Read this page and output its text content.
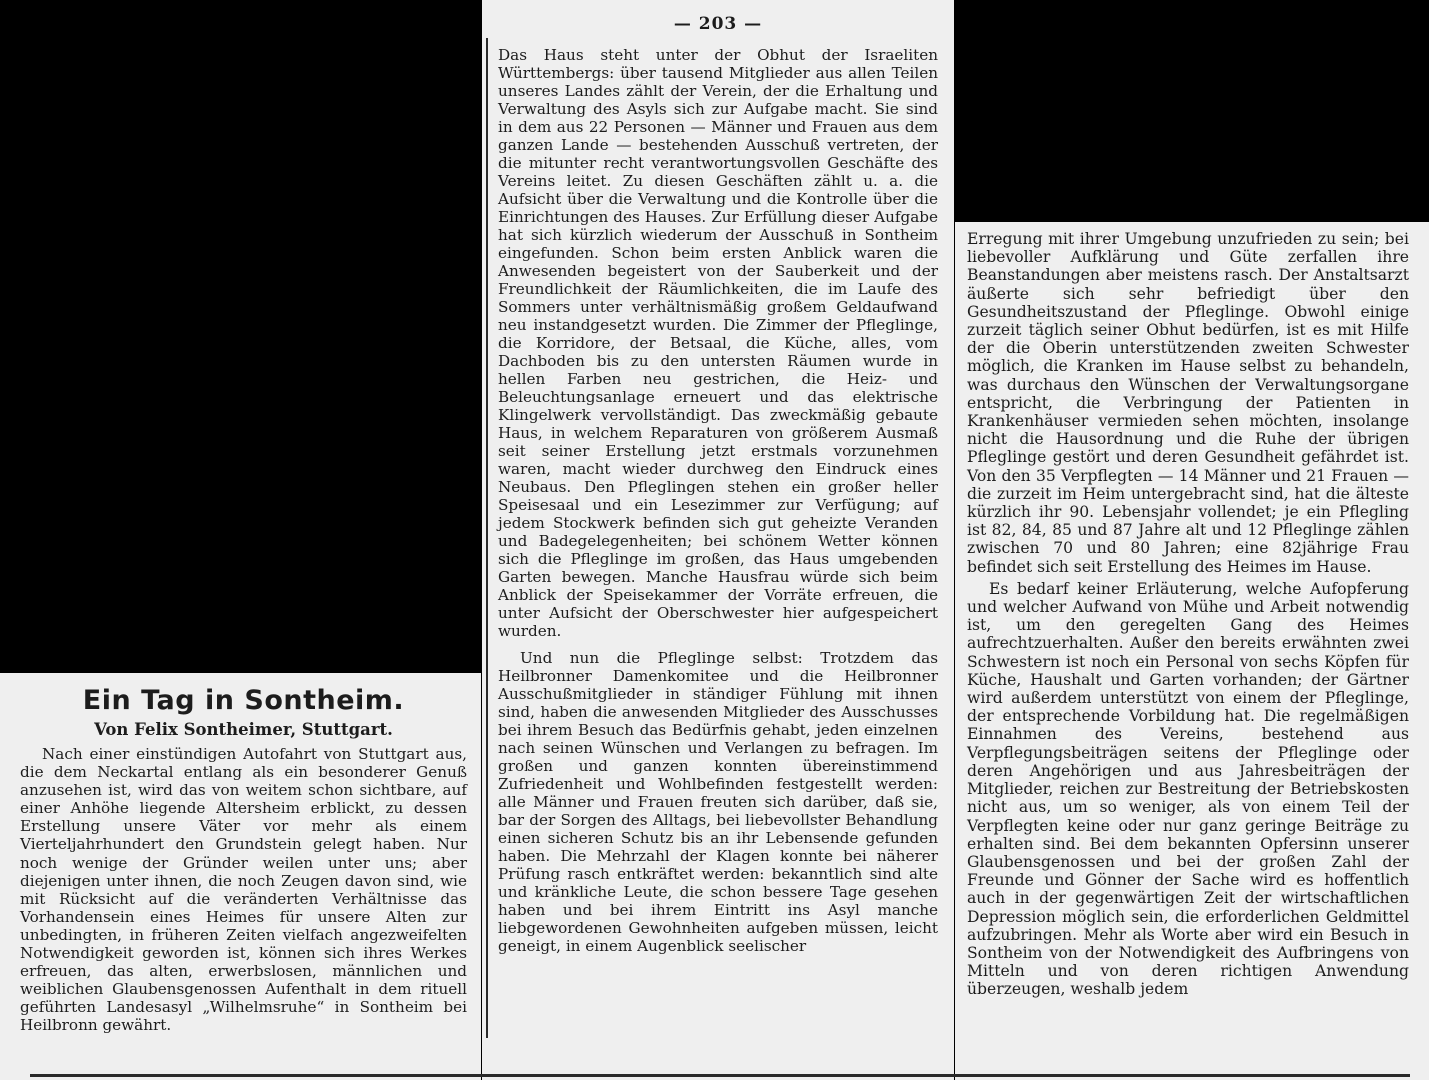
Ein Tag in Sontheim.
Von Felix Sontheimer, Stuttgart.

Nach einer einstündigen Autofahrt von Stuttgart aus, die dem Neckartal entlang als ein besonderer Genuß anzusehen ist, wird das von weitem schon sichtbare, auf einer Anhöhe liegende Altersheim erblickt, zu dessen Erstellung unsere Väter vor mehr als einem Vierteljahrhundert den Grundstein gelegt haben. Nur noch wenige der Gründer weilen unter uns; aber diejenigen unter ihnen, die noch Zeugen davon sind, wie mit Rücksicht auf die veränderten Verhältnisse das Vorhandensein eines Heimes für unsere Alten zur unbedingten, in früheren Zeiten vielfach angezweifelten Notwendigkeit geworden ist, können sich ihres Werkes erfreuen, das alten, erwerbslosen, männlichen und weiblichen Glaubensgenossen Aufenthalt in dem rituell geführten Landesasyl „Wilhelmsruhe“ in Sontheim bei Heilbronn gewährt.

— 203 —

Das Haus steht unter der Obhut der Israeliten Württembergs: über tausend Mitglieder aus allen Teilen unseres Landes zählt der Verein, der die Erhaltung und Verwaltung des Asyls sich zur Aufgabe macht. Sie sind in dem aus 22 Personen — Männer und Frauen aus dem ganzen Lande — bestehenden Ausschuß vertreten, der die mitunter recht verantwortungsvollen Geschäfte des Vereins leitet. Zu diesen Geschäften zählt u. a. die Aufsicht über die Verwaltung und die Kontrolle über die Einrichtungen des Hauses. Zur Erfüllung dieser Aufgabe hat sich kürzlich wiederum der Ausschuß in Sontheim eingefunden. Schon beim ersten Anblick waren die Anwesenden begeistert von der Sauberkeit und der Freundlichkeit der Räumlichkeiten, die im Laufe des Sommers unter verhältnismäßig großem Geldaufwand neu instandgesetzt wurden. Die Zimmer der Pfleglinge, die Korridore, der Betsaal, die Küche, alles, vom Dachboden bis zu den untersten Räumen wurde in hellen Farben neu gestrichen, die Heiz- und Beleuchtungsanlage erneuert und das elektrische Klingelwerk vervollständigt. Das zweckmäßig gebaute Haus, in welchem Reparaturen von größerem Ausmaß seit seiner Erstellung jetzt erstmals vorzunehmen waren, macht wieder durchweg den Eindruck eines Neubaus. Den Pfleglingen stehen ein großer heller Speisesaal und ein Lesezimmer zur Verfügung; auf jedem Stockwerk befinden sich gut geheizte Veranden und Badegelegenheiten; bei schönem Wetter können sich die Pfleglinge im großen, das Haus umgebenden Garten bewegen. Manche Hausfrau würde sich beim Anblick der Speisekammer der Vorräte erfreuen, die unter Aufsicht der Oberschwester hier aufgespeichert wurden.

Und nun die Pfleglinge selbst: Trotzdem das Heilbronner Damenkomitee und die Heilbronner Ausschußmitglieder in ständiger Fühlung mit ihnen sind, haben die anwesenden Mitglieder des Ausschusses bei ihrem Besuch das Bedürfnis gehabt, jeden einzelnen nach seinen Wünschen und Verlangen zu befragen. Im großen und ganzen konnten übereinstimmend Zufriedenheit und Wohlbefinden festgestellt werden: alle Männer und Frauen freuten sich darüber, daß sie, bar der Sorgen des Alltags, bei liebevollster Behandlung einen sicheren Schutz bis an ihr Lebensende gefunden haben. Die Mehrzahl der Klagen konnte bei näherer Prüfung rasch entkräftet werden: bekanntlich sind alte und kränkliche Leute, die schon bessere Tage gesehen haben und bei ihrem Eintritt ins Asyl manche liebgewordenen Gewohnheiten aufgeben müssen, leicht geneigt, in einem Augenblick seelischer

Erregung mit ihrer Umgebung unzufrieden zu sein; bei liebevoller Aufklärung und Güte zerfallen ihre Beanstandungen aber meistens rasch. Der Anstaltsarzt äußerte sich sehr befriedigt über den Gesundheitszustand der Pfleglinge. Obwohl einige zurzeit täglich seiner Obhut bedürfen, ist es mit Hilfe der die Oberin unterstützenden zweiten Schwester möglich, die Kranken im Hause selbst zu behandeln, was durchaus den Wünschen der Verwaltungsorgane entspricht, die Verbringung der Patienten in Krankenhäuser vermieden sehen möchten, insolange nicht die Hausordnung und die Ruhe der übrigen Pfleglinge gestört und deren Gesundheit gefährdet ist. Von den 35 Verpflegten — 14 Männer und 21 Frauen — die zurzeit im Heim untergebracht sind, hat die älteste kürzlich ihr 90. Lebensjahr vollendet; je ein Pflegling ist 82, 84, 85 und 87 Jahre alt und 12 Pfleglinge zählen zwischen 70 und 80 Jahren; eine 82jährige Frau befindet sich seit Erstellung des Heimes im Hause.

Es bedarf keiner Erläuterung, welche Aufopferung und welcher Aufwand von Mühe und Arbeit notwendig ist, um den geregelten Gang des Heimes aufrechtzuerhalten. Außer den bereits erwähnten zwei Schwestern ist noch ein Personal von sechs Köpfen für Küche, Haushalt und Garten vorhanden; der Gärtner wird außerdem unterstützt von einem der Pfleglinge, der entsprechende Vorbildung hat. Die regelmäßigen Einnahmen des Vereins, bestehend aus Verpflegungsbeiträgen seitens der Pfleglinge oder deren Angehörigen und aus Jahresbeiträgen der Mitglieder, reichen zur Bestreitung der Betriebskosten nicht aus, um so weniger, als von einem Teil der Verpflegten keine oder nur ganz geringe Beiträge zu erhalten sind. Bei dem bekannten Opfersinn unserer Glaubensgenossen und bei der großen Zahl der Freunde und Gönner der Sache wird es hoffentlich auch in der gegenwärtigen Zeit der wirtschaftlichen Depression möglich sein, die erforderlichen Geldmittel aufzubringen. Mehr als Worte aber wird ein Besuch in Sontheim von der Notwendigkeit des Aufbringens von Mitteln und von deren richtigen Anwendung überzeugen, weshalb jedem
